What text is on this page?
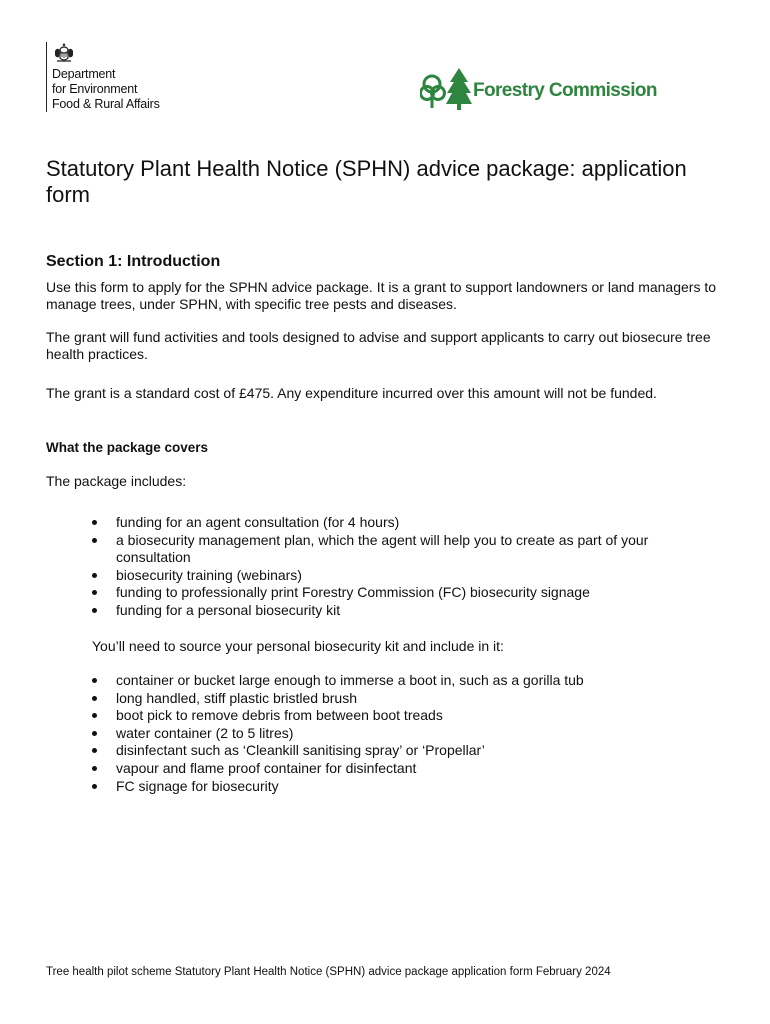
Department
for Environment
Food & Rural Affairs
Forestry Commission
Statutory Plant Health Notice (SPHN) advice package: application form
Section 1: Introduction

Use this form to apply for the SPHN advice package. It is a grant to support landowners or land managers to manage trees, under SPHN, with specific tree pests and diseases.

The grant will fund activities and tools designed to advise and support applicants to carry out biosecure tree health practices.

The grant is a standard cost of £475. Any expenditure incurred over this amount will not be funded.

What the package covers

The package includes:

funding for an agent consultation (for 4 hours)
a biosecurity management plan, which the agent will help you to create as part of your consultation
biosecurity training (webinars)
funding to professionally print Forestry Commission (FC) biosecurity signage
funding for a personal biosecurity kit

You’ll need to source your personal biosecurity kit and include in it:

container or bucket large enough to immerse a boot in, such as a gorilla tub
long handled, stiff plastic bristled brush
boot pick to remove debris from between boot treads
water container (2 to 5 litres)
disinfectant such as ‘Cleankill sanitising spray’ or ‘Propellar’
vapour and flame proof container for disinfectant
FC signage for biosecurity
Tree health pilot scheme Statutory Plant Health Notice (SPHN) advice package application form February 2024
